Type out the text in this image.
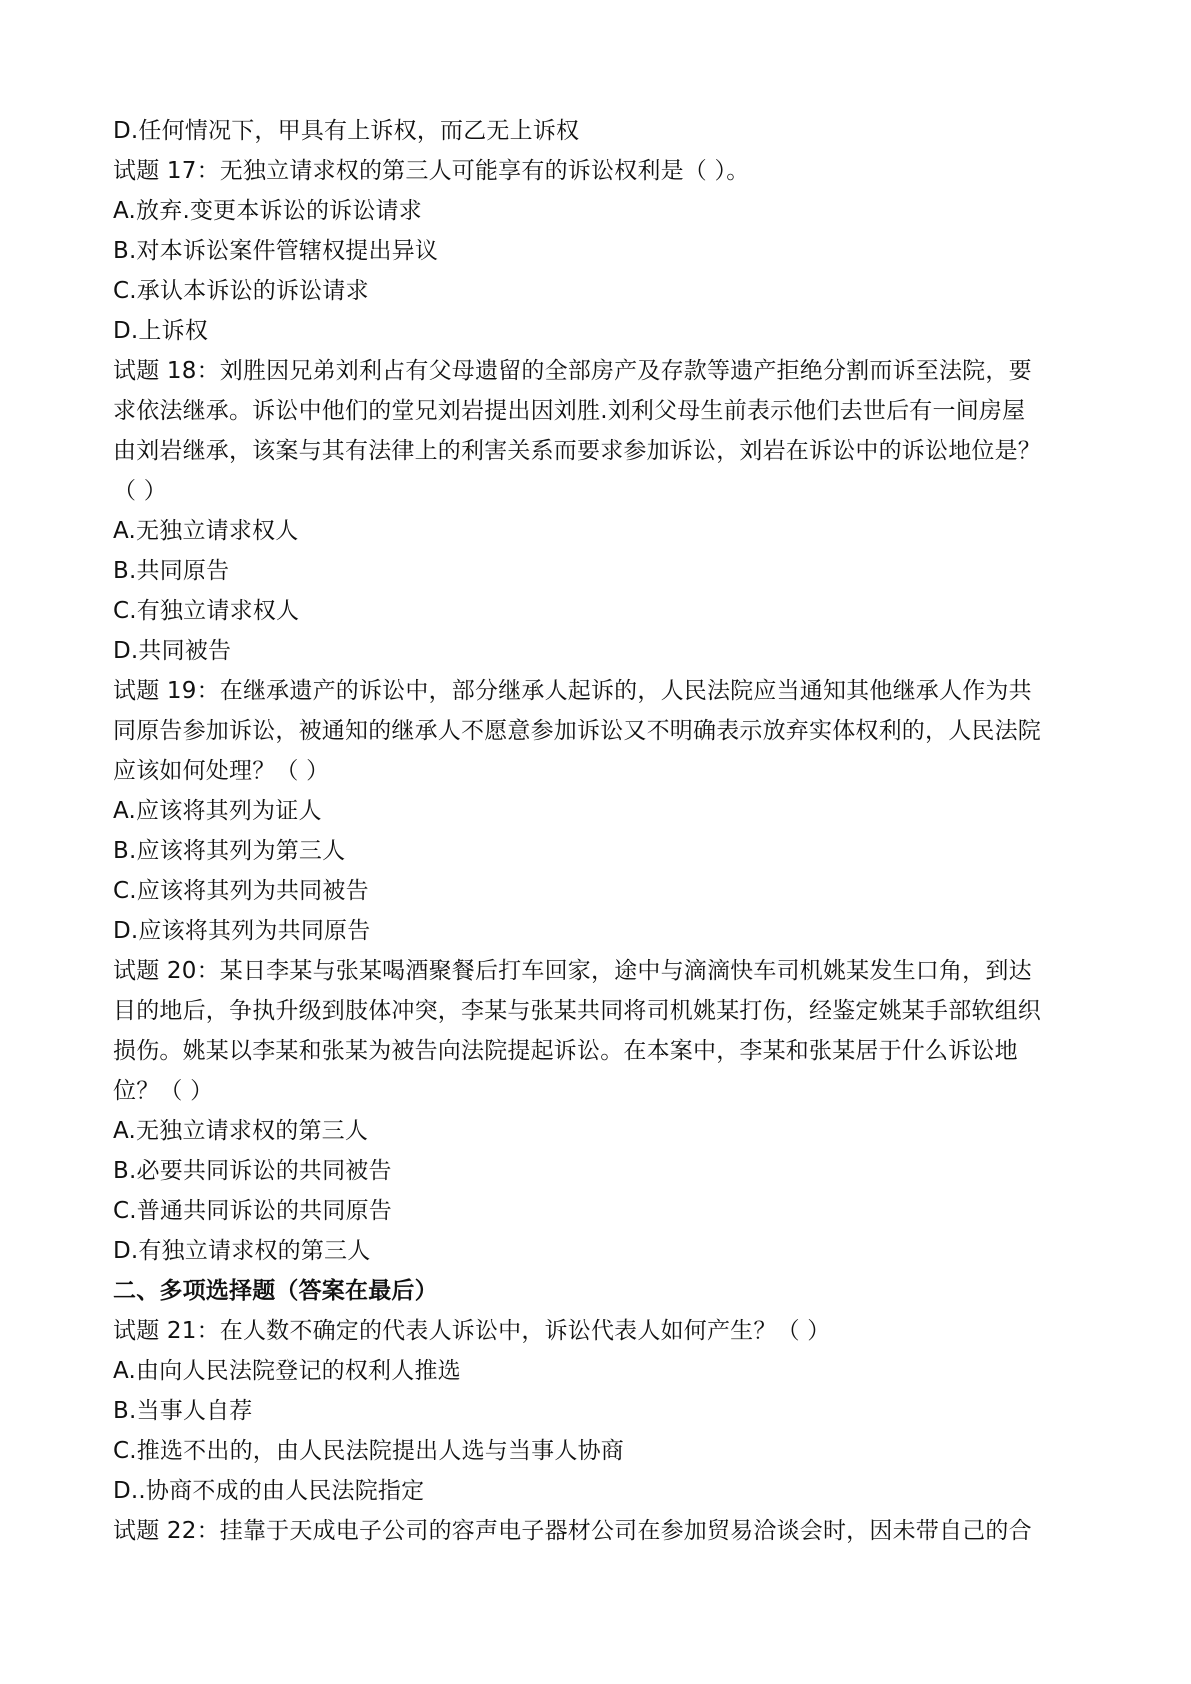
D.任何情况下，甲具有上诉权，而乙无上诉权
试题 17：无独立请求权的第三人可能享有的诉讼权利是（ ）。
A.放弃.变更本诉讼的诉讼请求
B.对本诉讼案件管辖权提出异议
C.承认本诉讼的诉讼请求
D.上诉权
试题 18：刘胜因兄弟刘利占有父母遗留的全部房产及存款等遗产拒绝分割而诉至法院，要
求依法继承。诉讼中他们的堂兄刘岩提出因刘胜.刘利父母生前表示他们去世后有一间房屋
由刘岩继承，该案与其有法律上的利害关系而要求参加诉讼，刘岩在诉讼中的诉讼地位是？
（ ）
A.无独立请求权人
B.共同原告
C.有独立请求权人
D.共同被告
试题 19：在继承遗产的诉讼中，部分继承人起诉的，人民法院应当通知其他继承人作为共
同原告参加诉讼，被通知的继承人不愿意参加诉讼又不明确表示放弃实体权利的，人民法院
应该如何处理？（ ）
A.应该将其列为证人
B.应该将其列为第三人
C.应该将其列为共同被告
D.应该将其列为共同原告
试题 20：某日李某与张某喝酒聚餐后打车回家，途中与滴滴快车司机姚某发生口角，到达
目的地后，争执升级到肢体冲突，李某与张某共同将司机姚某打伤，经鉴定姚某手部软组织
损伤。姚某以李某和张某为被告向法院提起诉讼。在本案中，李某和张某居于什么诉讼地
位？（ ）
A.无独立请求权的第三人
B.必要共同诉讼的共同被告
C.普通共同诉讼的共同原告
D.有独立请求权的第三人
二、多项选择题（答案在最后）
试题 21：在人数不确定的代表人诉讼中，诉讼代表人如何产生？（ ）
A.由向人民法院登记的权利人推选
B.当事人自荐
C.推选不出的，由人民法院提出人选与当事人协商
D..协商不成的由人民法院指定
试题 22：挂靠于天成电子公司的容声电子器材公司在参加贸易洽谈会时，因未带自己的合
